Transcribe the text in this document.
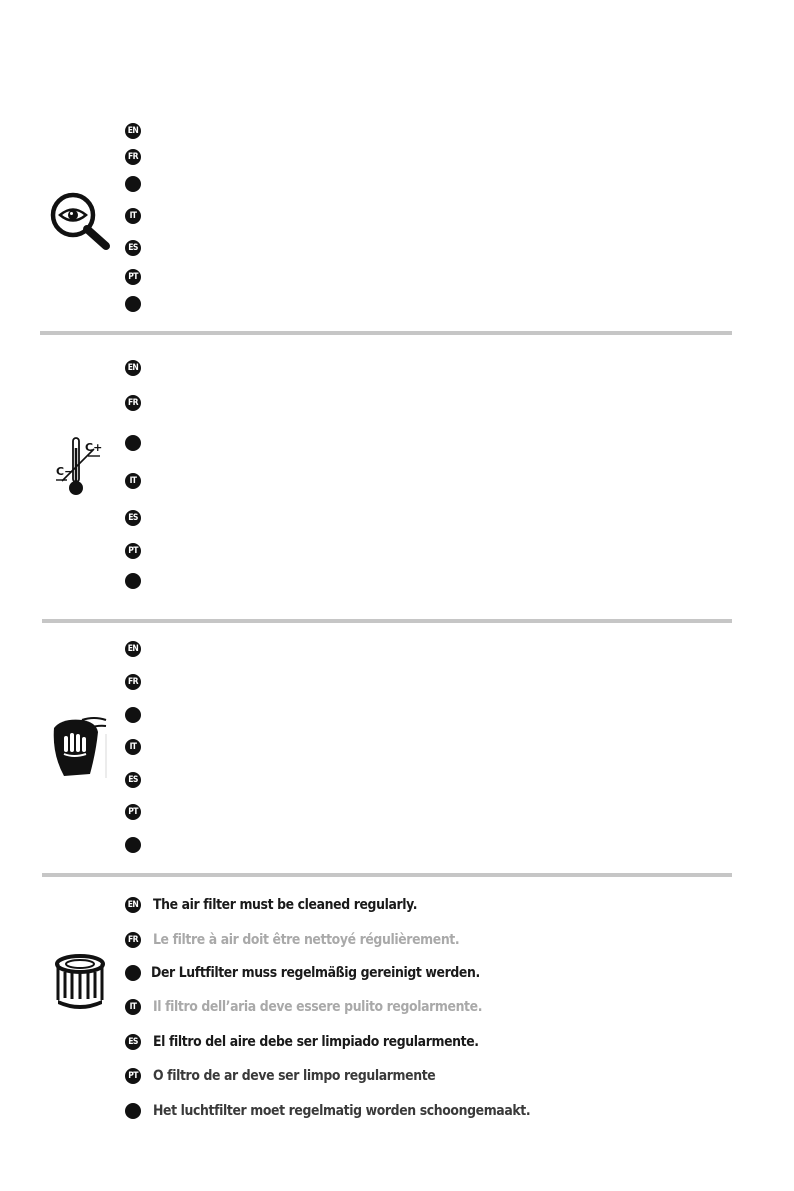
EN
FR
IT
ES
PT
C+
C−
EN
FR
IT
ES
PT
EN
FR
IT
ES
PT
EN The air filter must be cleaned regularly.
FR Le filtre à air doit être nettoyé régulièrement.
Der Luftfilter muss regelmäßig gereinigt werden.
IT	Il filtro dell’aria deve essere pulito regolarmente.
ES El filtro del aire debe ser limpiado regularmente.
PT O filtro de ar deve ser limpo regularmente
Het luchtfilter moet regelmatig worden schoongemaakt.
